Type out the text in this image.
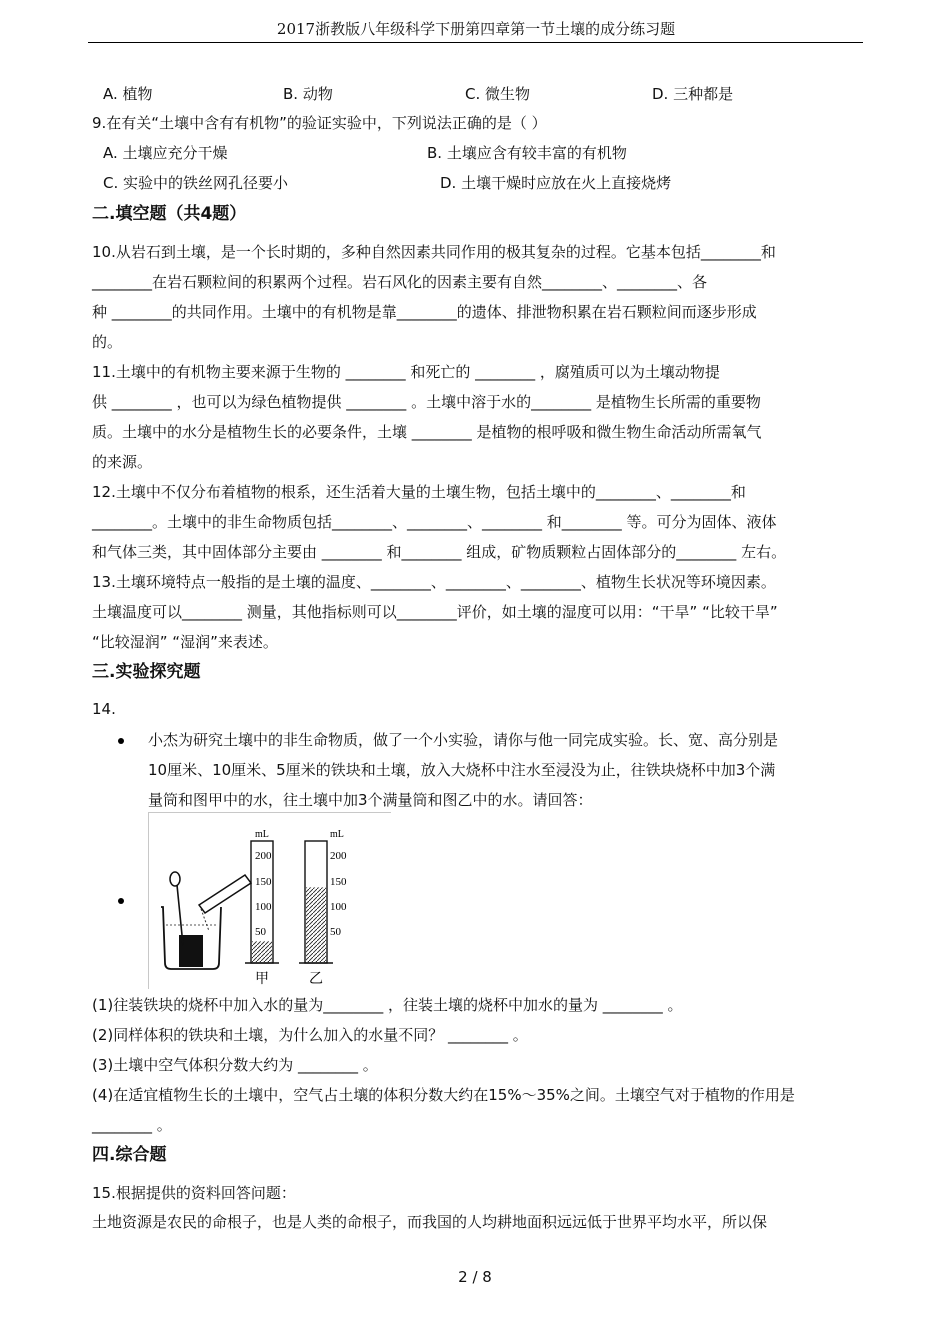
2017浙教版八年级科学下册第四章第一节土壤的成分练习题
A. 植物	B. 动物	C. 微生物	D. 三种都是
9.在有关“土壤中含有有机物”的验证实验中，下列说法正确的是（ ）
A. 土壤应充分干燥	B. 土壤应含有较丰富的有机物
C. 实验中的铁丝网孔径要小	D. 土壤干燥时应放在火上直接烧烤
二.填空题（共4题）
10.从岩石到土壤，是一个长时期的，多种自然因素共同作用的极其复杂的过程。它基本包括________和
________在岩石颗粒间的积累两个过程。岩石风化的因素主要有自然________、________、各
种 ________的共同作用。土壤中的有机物是靠________的遗体、排泄物积累在岩石颗粒间而逐步形成
的。
11.土壤中的有机物主要来源于生物的 ________ 和死亡的 ________ ，腐殖质可以为土壤动物提
供 ________ ，也可以为绿色植物提供 ________ 。土壤中溶于水的________ 是植物生长所需的重要物
质。土壤中的水分是植物生长的必要条件，土壤 ________ 是植物的根呼吸和微生物生命活动所需氧气
的来源。
12.土壤中不仅分布着植物的根系，还生活着大量的土壤生物，包括土壤中的________、________和
________。土壤中的非生命物质包括________、________、________ 和________ 等。可分为固体、液体
和气体三类，其中固体部分主要由 ________ 和________ 组成，矿物质颗粒占固体部分的________ 左右。
13.土壤环境特点一般指的是土壤的温度、________、________、________、植物生长状况等环境因素。
土壤温度可以________ 测量，其他指标则可以________评价，如土壤的湿度可以用：“干旱” “比较干旱”
“比较湿润” “湿润”来表述。
三.实验探究题
14.
小杰为研究土壤中的非生命物质，做了一个小实验，请你与他一同完成实验。长、宽、高分别是
10厘米、10厘米、5厘米的铁块和土壤，放入大烧杯中注水至浸没为止，往铁块烧杯中加3个满
量筒和图甲中的水，往土壤中加3个满量筒和图乙中的水。请回答：
mL
200
150
100
50
甲
mL
200
150
100
50
乙
(1)往装铁块的烧杯中加入水的量为________ ，往装土壤的烧杯中加水的量为 ________ 。
(2)同样体积的铁块和土壤，为什么加入的水量不同？ ________ 。
(3)土壤中空气体积分数大约为 ________ 。
(4)在适宜植物生长的土壤中，空气占土壤的体积分数大约在15%～35%之间。土壤空气对于植物的作用是
________ 。
四.综合题
15.根据提供的资料回答问题：
土地资源是农民的命根子，也是人类的命根子，而我国的人均耕地面积远远低于世界平均水平，所以保
2 / 8
